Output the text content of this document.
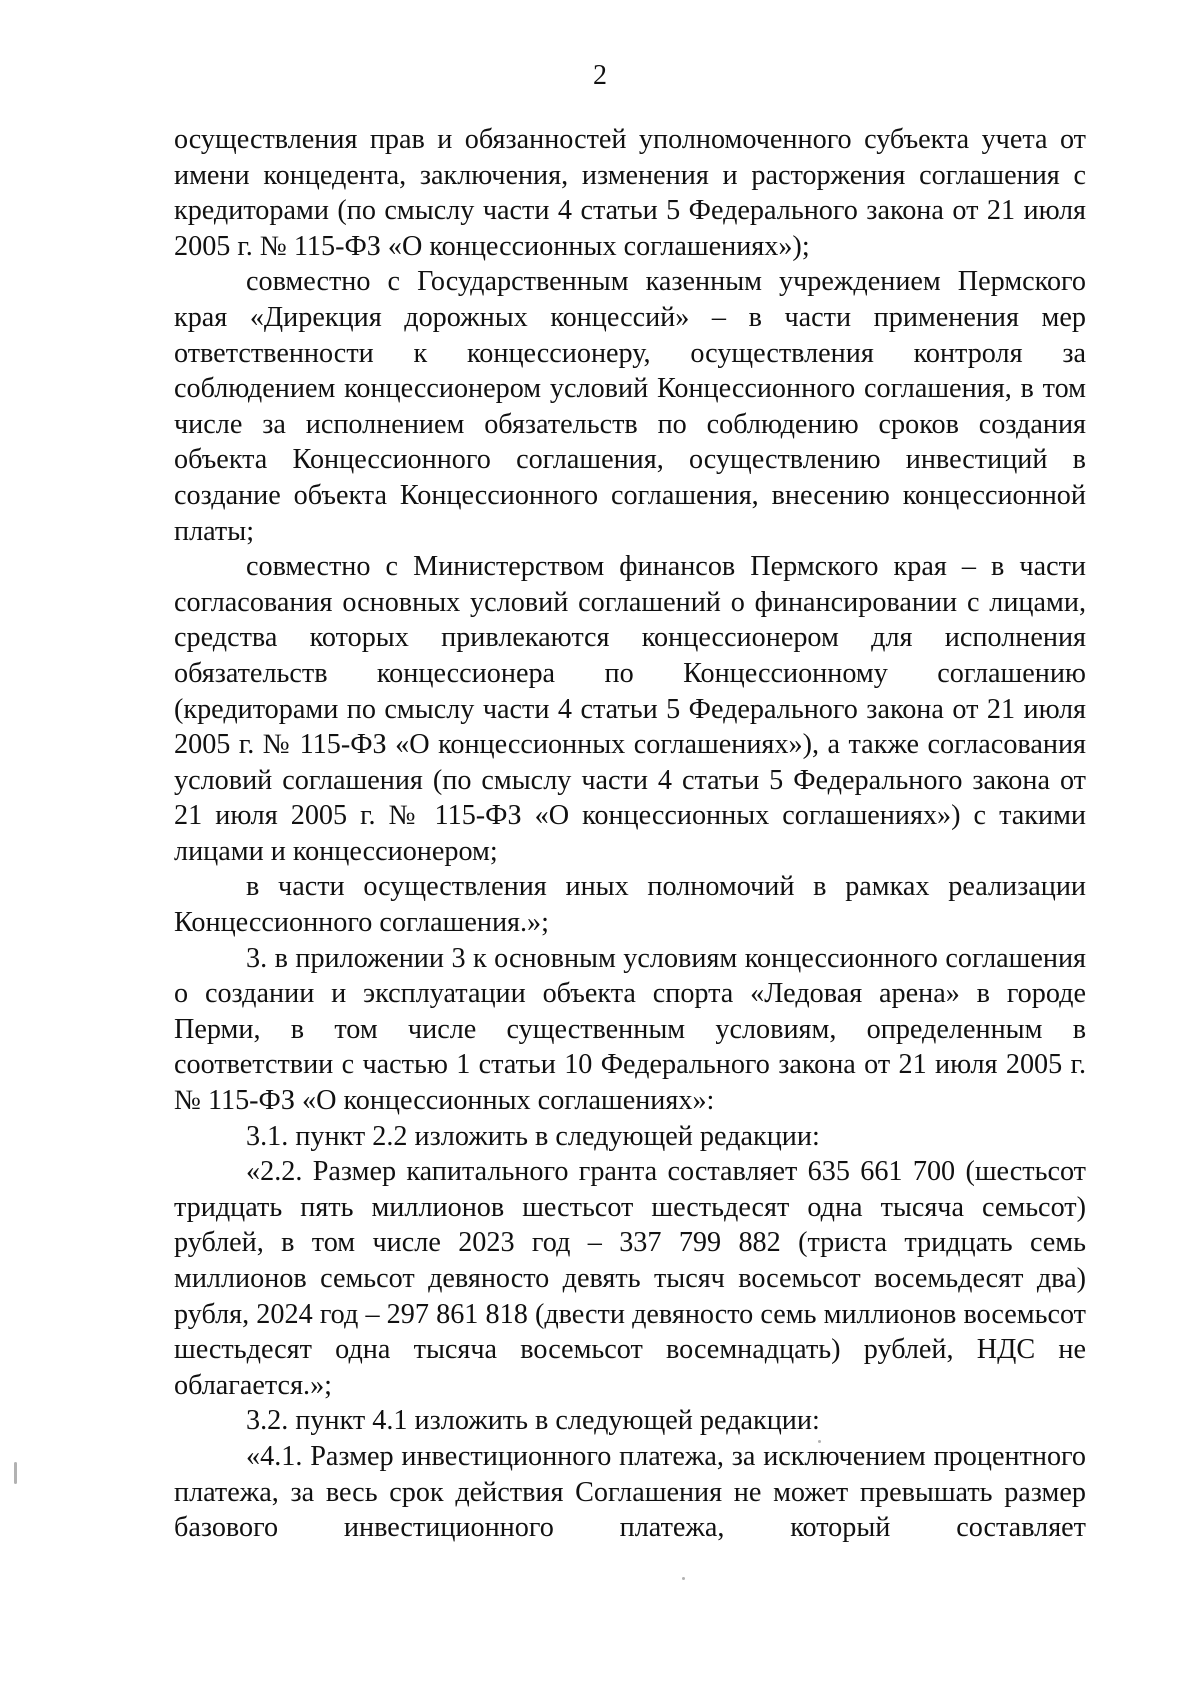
2

осуществления прав и обязанностей уполномоченного субъекта учета от имени концедента, заключения, изменения и расторжения соглашения с кредиторами (по смыслу части 4 статьи 5 Федерального закона от 21 июля 2005 г. № 115-ФЗ «О концессионных соглашениях»);

совместно с Государственным казенным учреждением Пермского края «Дирекция дорожных концессий» – в части применения мер ответственности к концессионеру, осуществления контроля за соблюдением концессионером условий Концессионного соглашения, в том числе за исполнением обязательств по соблюдению сроков создания объекта Концессионного соглашения, осуществлению инвестиций в создание объекта Концессионного соглашения, внесению концессионной платы;

совместно с Министерством финансов Пермского края – в части согласования основных условий соглашений о финансировании с лицами, средства которых привлекаются концессионером для исполнения обязательств концессионера по Концессионному соглашению (кредиторами по смыслу части 4 статьи 5 Федерального закона от 21 июля 2005 г. № 115-ФЗ «О концессионных соглашениях»), а также согласования условий соглашения (по смыслу части 4 статьи 5 Федерального закона от 21 июля 2005 г. № 115-ФЗ «О концессионных соглашениях») с такими лицами и концессионером;

в части осуществления иных полномочий в рамках реализации Концессионного соглашения.»;

3. в приложении 3 к основным условиям концессионного соглашения о создании и эксплуатации объекта спорта «Ледовая арена» в городе Перми, в том числе существенным условиям, определенным в соответствии с частью 1 статьи 10 Федерального закона от 21 июля 2005 г. № 115-ФЗ «О концессионных соглашениях»:

3.1. пункт 2.2 изложить в следующей редакции:

«2.2. Размер капитального гранта составляет 635 661 700 (шестьсот тридцать пять миллионов шестьсот шестьдесят одна тысяча семьсот) рублей, в том числе 2023 год – 337 799 882 (триста тридцать семь миллионов семьсот девяносто девять тысяч восемьсот восемьдесят два) рубля, 2024 год – 297 861 818 (двести девяносто семь миллионов восемьсот шестьдесят одна тысяча восемьсот восемнадцать) рублей, НДС не облагается.»;

3.2. пункт 4.1 изложить в следующей редакции:

«4.1. Размер инвестиционного платежа, за исключением процентного платежа, за весь срок действия Соглашения не может превышать размер базового инвестиционного платежа, который составляет
